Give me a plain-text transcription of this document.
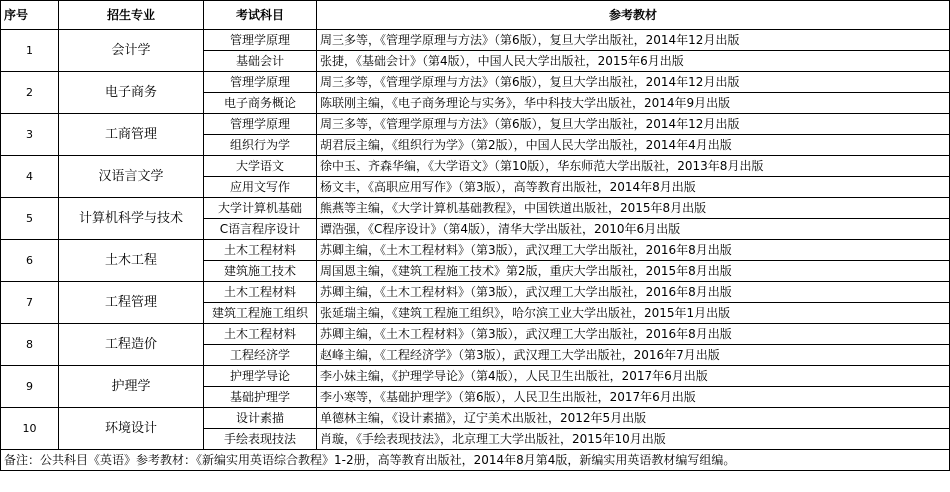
序号	招生专业	考试科目	参考教材
1	会计学	管理学原理	周三多等，《管理学原理与方法》（第6版），复旦大学出版社，2014年12月出版
		基础会计	张捷，《基础会计》（第4版），中国人民大学出版社，2015年6月出版
2	电子商务	管理学原理	周三多等，《管理学原理与方法》（第6版），复旦大学出版社，2014年12月出版
		电子商务概论	陈联刚主编，《电子商务理论与实务》，华中科技大学出版社，2014年9月出版
3	工商管理	管理学原理	周三多等，《管理学原理与方法》（第6版），复旦大学出版社，2014年12月出版
		组织行为学	胡君辰主编，《组织行为学》（第2版），中国人民大学出版社，2014年4月出版
4	汉语言文学	大学语文	徐中玉、齐森华编，《大学语文》（第10版），华东师范大学出版社，2013年8月出版
		应用文写作	杨文丰，《高职应用写作》（第3版），高等教育出版社，2014年8月出版
5	计算机科学与技术	大学计算机基础	熊燕等主编，《大学计算机基础教程》，中国铁道出版社，2015年8月出版
		C语言程序设计	谭浩强，《C程序设计》（第4版），清华大学出版社，2010年6月出版
6	土木工程	土木工程材料	苏卿主编，《土木工程材料》（第3版），武汉理工大学出版社，2016年8月出版
		建筑施工技术	周国恩主编，《建筑工程施工技术》第2版，重庆大学出版社，2015年8月出版
7	工程管理	土木工程材料	苏卿主编，《土木工程材料》（第3版），武汉理工大学出版社，2016年8月出版
		建筑工程施工组织	张延瑞主编，《建筑工程施工组织》，哈尔滨工业大学出版社，2015年1月出版
8	工程造价	土木工程材料	苏卿主编，《土木工程材料》（第3版），武汉理工大学出版社，2016年8月出版
		工程经济学	赵峰主编，《工程经济学》（第3版），武汉理工大学出版社，2016年7月出版
9	护理学	护理学导论	李小妹主编，《护理学导论》（第4版），人民卫生出版社，2017年6月出版
		基础护理学	李小寒等，《基础护理学》（第6版），人民卫生出版社，2017年6月出版
10	环境设计	设计素描	单德林主编，《设计素描》，辽宁美术出版社，2012年5月出版
		手绘表现技法	肖璇，《手绘表现技法》，北京理工大学出版社，2015年10月出版
备注：公共科目《英语》参考教材：《新编实用英语综合教程》1-2册，高等教育出版社，2014年8月第4版，新编实用英语教材编写组编。			
